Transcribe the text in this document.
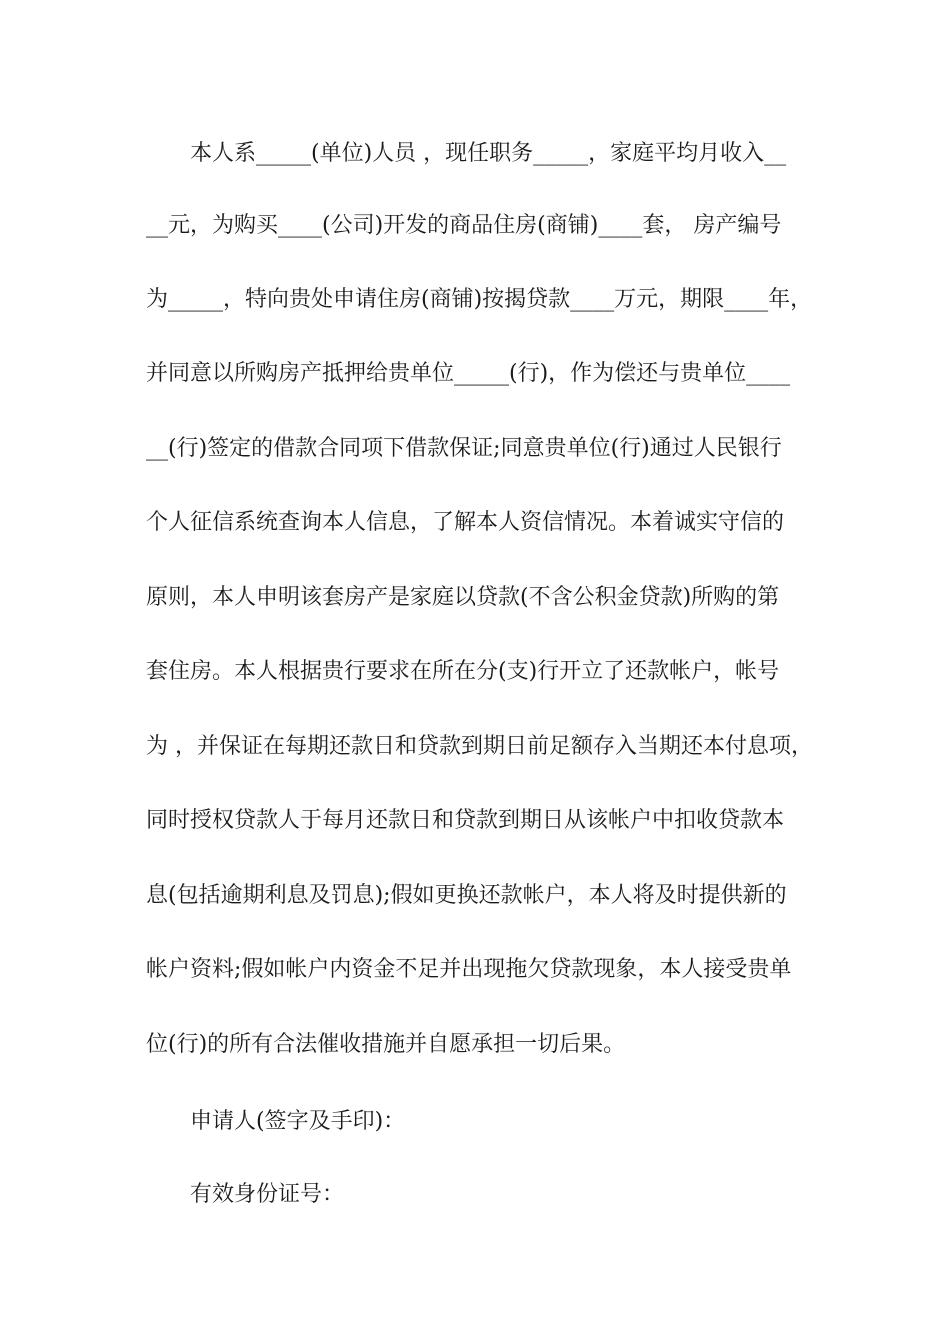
本人系_____(单位)人员 ，现任职务_____，家庭平均月收入__
__元，为购买____(公司)开发的商品住房(商铺)____套， 房产编号
为_____，特向贵处申请住房(商铺)按揭贷款____万元，期限____年，
并同意以所购房产抵押给贵单位_____(行)，作为偿还与贵单位____
__(行)签定的借款合同项下借款保证;同意贵单位(行)通过人民银行
个人征信系统查询本人信息，了解本人资信情况。本着诚实守信的
原则，本人申明该套房产是家庭以贷款(不含公积金贷款)所购的第
套住房。本人根据贵行要求在所在分(支)行开立了还款帐户，帐号
为 ，并保证在每期还款日和贷款到期日前足额存入当期还本付息项，
同时授权贷款人于每月还款日和贷款到期日从该帐户中扣收贷款本
息(包括逾期利息及罚息);假如更换还款帐户，本人将及时提供新的
帐户资料;假如帐户内资金不足并出现拖欠贷款现象，本人接受贵单
位(行)的所有合法催收措施并自愿承担一切后果。
申请人(签字及手印)：
有效身份证号：
